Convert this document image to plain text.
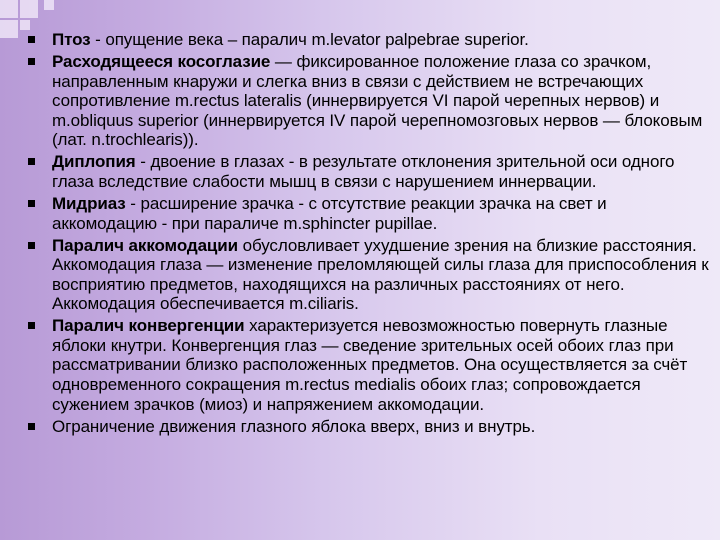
Птоз - опущение века – паралич m.levator palpebrae superior.
Расходящееся косоглазие — фиксированное положение глаза со зрачком, направленным кнаружи и слегка вниз в связи с действием не встречающих сопротивление m.rectus lateralis (иннервируется VI парой черепных нервов) и m.obliquus superior (иннервируется IV парой черепномозговых нервов — блоковым (лат. n.trochlearis)).
Диплопия - двоение в глазах - в результате отклонения зрительной оси одного глаза вследствие слабости мышц в связи с нарушением иннервации.
Мидриаз - расширение зрачка - с отсутствие реакции зрачка на свет и аккомодацию - при параличе m.sphincter pupillae.
Паралич аккомодации обусловливает ухудшение зрения на близкие расстояния. Аккомодация глаза — изменение преломляющей силы глаза для приспособления к восприятию предметов, находящихся на различных расстояниях от него. Аккомодация обеспечивается m.ciliaris.
Паралич конвергенции характеризуется невозможностью повернуть глазные яблоки кнутри. Конвергенция глаз — сведение зрительных осей обоих глаз при рассматривании близко расположенных предметов. Она осуществляется за счёт одновременного сокращения m.rectus medialis обоих глаз; сопровождается сужением зрачков (миоз) и напряжением аккомодации.
Ограничение движения глазного яблока вверх, вниз и внутрь.
